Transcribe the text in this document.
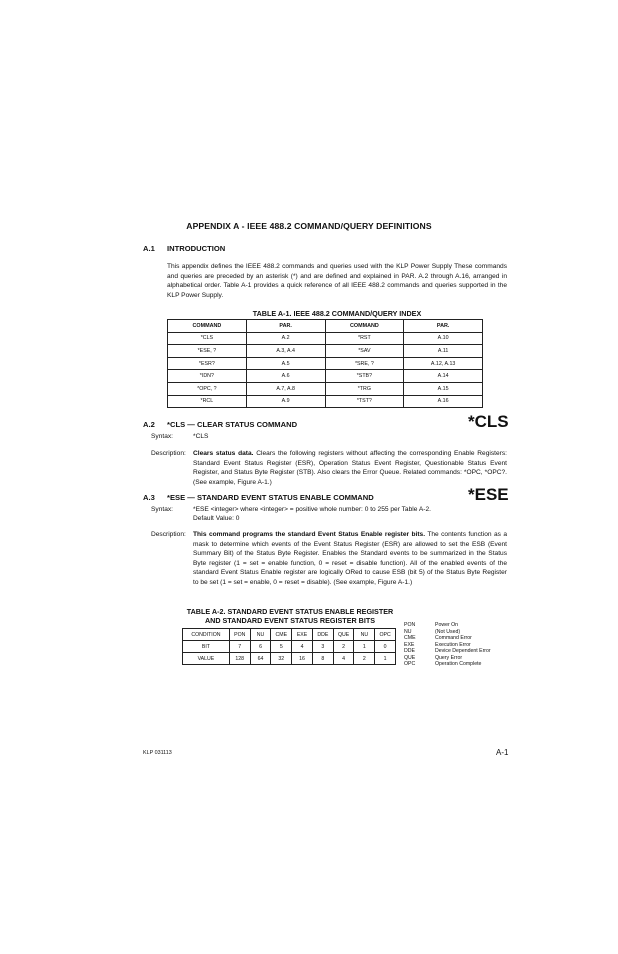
APPENDIX A - IEEE 488.2 COMMAND/QUERY DEFINITIONS
A.1 INTRODUCTION
This appendix defines the IEEE 488.2 commands and queries used with the KLP Power Supply These commands and queries are preceded by an asterisk (*) and are defined and explained in PAR. A.2 through A.16, arranged in alphabetical order. Table A-1 provides a quick reference of all IEEE 488.2 commands and queries supported in the KLP Power Supply.
TABLE A-1. IEEE 488.2 COMMAND/QUERY INDEX
COMMAND	PAR.	COMMAND	PAR.
*CLS	A.2	*RST	A.10
*ESE, ?	A.3, A.4	*SAV	A.11
*ESR?	A.5	*SRE, ?	A.12, A.13
*IDN?	A.6	*STB?	A.14
*OPC, ?	A.7, A.8	*TRG	A.15
*RCL	A.9	*TST?	A.16
A.2 *CLS — CLEAR STATUS COMMAND	*CLS
Syntax:	*CLS
Description: Clears status data. Clears the following registers without affecting the corresponding Enable Registers: Standard Event Status Register (ESR), Operation Status Event Register, Questionable Status Event Register, and Status Byte Register (STB). Also clears the Error Queue. Related commands: *OPC, *OPC?. (See example, Figure A-1.)
A.3 *ESE — STANDARD EVENT STATUS ENABLE COMMAND	*ESE
Syntax:	*ESE <integer> where <integer> = positive whole number: 0 to 255 per Table A-2.
Default Value: 0
Description: This command programs the standard Event Status Enable register bits. The contents function as a mask to determine which events of the Event Status Register (ESR) are allowed to set the ESB (Event Summary Bit) of the Status Byte Register. Enables the Standard events to be summarized in the Status Byte register (1 = set = enable function, 0 = reset = disable function). All of the enabled events of the standard Event Status Enable register are logically ORed to cause ESB (bit 5) of the Status Byte Register to be set (1 = set = enable, 0 = reset = disable). (See example, Figure A-1.)
TABLE A-2. STANDARD EVENT STATUS ENABLE REGISTER
AND STANDARD EVENT STATUS REGISTER BITS
CONDITION	PON	NU	CME	EXE	DDE	QUE	NU	OPC
BIT	7	6	5	4	3	2	1	0
VALUE	128	64	32	16	8	4	2	1
PON	Power On
NU	(Not Used)
CME	Command Error
EXE	Execution Error
DDE	Device Dependent Error
QUE	Query Error
OPC	Operation Complete
KLP 031113	A-1
